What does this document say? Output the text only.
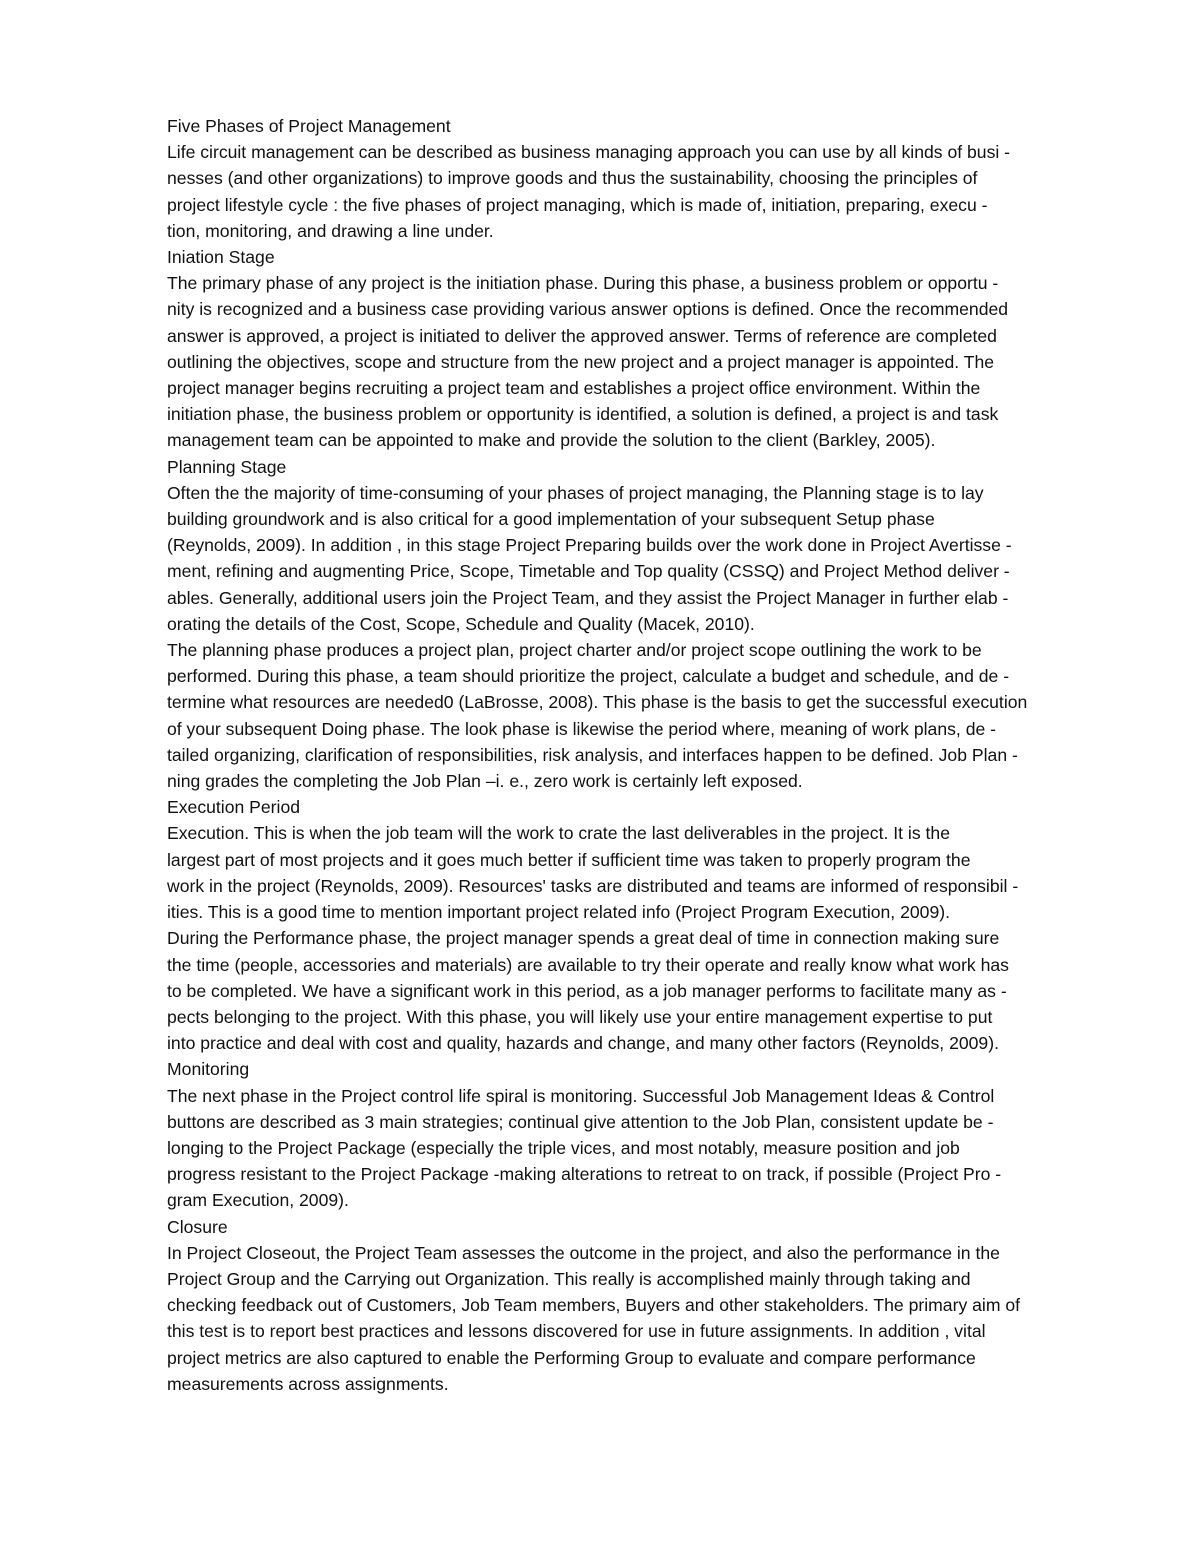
Five Phases of Project Management
Life circuit management can be described as business managing approach you can use by all kinds of busi -
nesses (and other organizations) to improve goods and thus the sustainability, choosing the principles of
project lifestyle cycle : the five phases of project managing, which is made of, initiation, preparing, execu -
tion, monitoring, and drawing a line under.
Iniation Stage
The primary phase of any project is the initiation phase. During this phase, a business problem or opportu -
nity is recognized and a business case providing various answer options is defined. Once the recommended
answer is approved, a project is initiated to deliver the approved answer. Terms of reference are completed
outlining the objectives, scope and structure from the new project and a project manager is appointed. The
project manager begins recruiting a project team and establishes a project office environment. Within the
initiation phase, the business problem or opportunity is identified, a solution is defined, a project is and task
management team can be appointed to make and provide the solution to the client (Barkley, 2005).
Planning Stage
Often the the majority of time-consuming of your phases of project managing, the Planning stage is to lay
building groundwork and is also critical for a good implementation of your subsequent Setup phase
(Reynolds, 2009). In addition , in this stage Project Preparing builds over the work done in Project Avertisse -
ment, refining and augmenting Price, Scope, Timetable and Top quality (CSSQ) and Project Method deliver -
ables. Generally, additional users join the Project Team, and they assist the Project Manager in further elab -
orating the details of the Cost, Scope, Schedule and Quality (Macek, 2010).
The planning phase produces a project plan, project charter and/or project scope outlining the work to be
performed. During this phase, a team should prioritize the project, calculate a budget and schedule, and de -
termine what resources are needed0 (LaBrosse, 2008). This phase is the basis to get the successful execution
of your subsequent Doing phase. The look phase is likewise the period where, meaning of work plans, de -
tailed organizing, clarification of responsibilities, risk analysis, and interfaces happen to be defined. Job Plan -
ning grades the completing the Job Plan –i. e., zero work is certainly left exposed.
Execution Period
Execution. This is when the job team will the work to crate the last deliverables in the project. It is the
largest part of most projects and it goes much better if sufficient time was taken to properly program the
work in the project (Reynolds, 2009). Resources' tasks are distributed and teams are informed of responsibil -
ities. This is a good time to mention important project related info (Project Program Execution, 2009).
During the Performance phase, the project manager spends a great deal of time in connection making sure
the time (people, accessories and materials) are available to try their operate and really know what work has
to be completed. We have a significant work in this period, as a job manager performs to facilitate many as -
pects belonging to the project. With this phase, you will likely use your entire management expertise to put
into practice and deal with cost and quality, hazards and change, and many other factors (Reynolds, 2009).
Monitoring
The next phase in the Project control life spiral is monitoring. Successful Job Management Ideas & Control
buttons are described as 3 main strategies; continual give attention to the Job Plan, consistent update be -
longing to the Project Package (especially the triple vices, and most notably, measure position and job
progress resistant to the Project Package -making alterations to retreat to on track, if possible (Project Pro -
gram Execution, 2009).
Closure
In Project Closeout, the Project Team assesses the outcome in the project, and also the performance in the
Project Group and the Carrying out Organization. This really is accomplished mainly through taking and
checking feedback out of Customers, Job Team members, Buyers and other stakeholders. The primary aim of
this test is to report best practices and lessons discovered for use in future assignments. In addition , vital
project metrics are also captured to enable the Performing Group to evaluate and compare performance
measurements across assignments.
